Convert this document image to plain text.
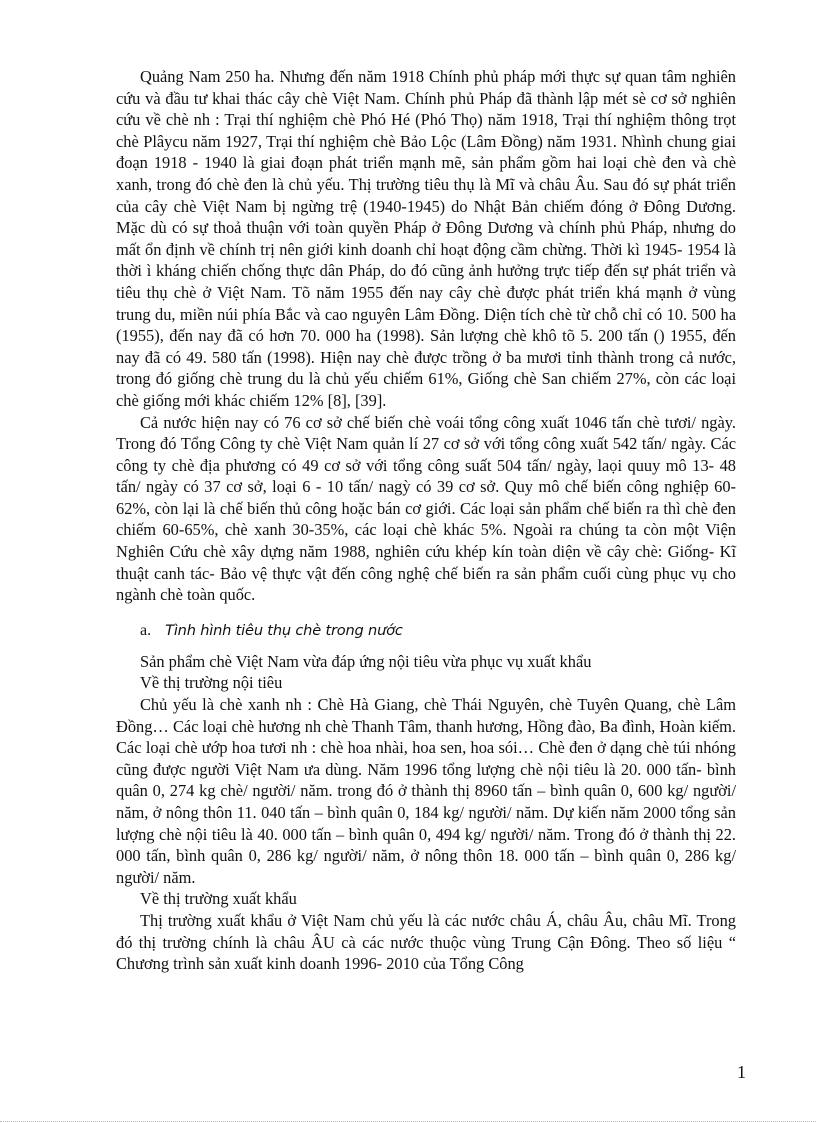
Quảng Nam 250 ha. Nhưng đến năm 1918 Chính phủ pháp mới thực sự quan tâm nghiên cứu và đầu tư khai thác cây chè Việt Nam. Chính phủ Pháp đã thành lập mét sè cơ sở nghiên cứu về chè nh : Trại thí nghiệm chè Phó Hé (Phó Thọ) năm 1918, Trại thí nghiệm thông trọt chè Plâycu năm 1927, Trại thí nghiệm chè Bảo Lộc (Lâm Đồng) năm 1931. Nhình chung giai đoạn 1918 - 1940 là giai đoạn phát triển mạnh mẽ, sản phẩm gồm hai loại chè đen và chè xanh, trong đó chè đen là chủ yếu. Thị trường tiêu thụ là Mĩ và châu Âu. Sau đó sự phát triển của cây chè Việt Nam bị ngừng trệ (1940-1945) do Nhật Bản chiếm đóng ở Đông Dương. Mặc dù có sự thoả thuận với toàn quyền Pháp ở Đông Dương và chính phủ Pháp, nhưng do mất ổn định về chính trị nên giới kinh doanh chỉ hoạt động cầm chừng. Thời kì 1945- 1954 là thời ì kháng chiến chống thực dân Pháp, do đó cũng ảnh hưởng trực tiếp đến sự phát triển và tiêu thụ chè ở Việt Nam. Tõ năm 1955 đến nay cây chè được phát triển khá mạnh ở vùng trung du, miền núi phía Bắc và cao nguyên Lâm Đồng. Diện tích chè từ chỗ chỉ có 10. 500 ha (1955), đến nay đã có hơn 70. 000 ha (1998). Sản lượng chè khô tõ 5. 200 tấn () 1955, đến nay đã có 49. 580 tấn (1998). Hiện nay chè được trồng ở ba mươi tỉnh thành trong cả nước, trong đó giống chè trung du là chủ yếu chiếm 61%, Giống chè San chiếm 27%, còn các loại chè giống mới khác chiếm 12% [8], [39].

Cả nước hiện nay có 76 cơ sở chế biến chè voái tổng công xuất 1046 tấn chè tươi/ ngày. Trong đó Tổng Công ty chè Việt Nam quản lí 27 cơ sở với tổng công xuất 542 tấn/ ngày. Các công ty chè địa phương có 49 cơ sở với tổng công suất 504 tấn/ ngày, laọi quuy mô 13- 48 tấn/ ngày có 37 cơ sở, loại 6 - 10 tấn/ nagỳ có 39 cơ sở. Quy mô chế biến công nghiệp 60-62%, còn lại là chế biến thủ công hoặc bán cơ giới. Các loại sản phẩm chế biến ra thì chè đen chiếm 60-65%, chè xanh 30-35%, các loại chè khác 5%. Ngoài ra chúng ta còn một Viện Nghiên Cứu chè xây dựng năm 1988, nghiên cứu khép kín toàn diện về cây chè: Giống- Kĩ thuật canh tác- Bảo vệ thực vật đến công nghệ chế biến ra sản phẩm cuối cùng phục vụ cho ngành chè toàn quốc.

a. Tình hình tiêu thụ chè trong nước

Sản phẩm chè Việt Nam vừa đáp ứng nội tiêu vừa phục vụ xuất khẩu

Về thị trường nội tiêu

Chủ yếu là chè xanh nh : Chè Hà Giang, chè Thái Nguyên, chè Tuyên Quang, chè Lâm Đồng… Các loại chè hương nh chè Thanh Tâm, thanh hương, Hồng đào, Ba đình, Hoàn kiếm. Các loại chè ướp hoa tươi nh : chè hoa nhài, hoa sen, hoa sói… Chè đen ở dạng chè túi nhóng cũng được người Việt Nam ưa dùng. Năm 1996 tổng lượng chè nội tiêu là 20. 000 tấn- bình quân 0, 274 kg chè/ người/ năm. trong đó ở thành thị 8960 tấn – bình quân 0, 600 kg/ người/ năm, ở nông thôn 11. 040 tấn – bình quân 0, 184 kg/ người/ năm. Dự kiến năm 2000 tổng sản lượng chè nội tiêu là 40. 000 tấn – bình quân 0, 494 kg/ người/ năm. Trong đó ở thành thị 22. 000 tấn, bình quân 0, 286 kg/ người/ năm, ở nông thôn 18. 000 tấn – bình quân 0, 286 kg/ người/ năm.

Về thị trường xuất khẩu

Thị trường xuất khẩu ở Việt Nam chủ yếu là các nước châu Á, châu Âu, châu Mĩ. Trong đó thị trường chính là châu ÂU cà các nước thuộc vùng Trung Cận Đông. Theo số liệu “ Chương trình sản xuất kinh doanh 1996- 2010 của Tổng Công

1
